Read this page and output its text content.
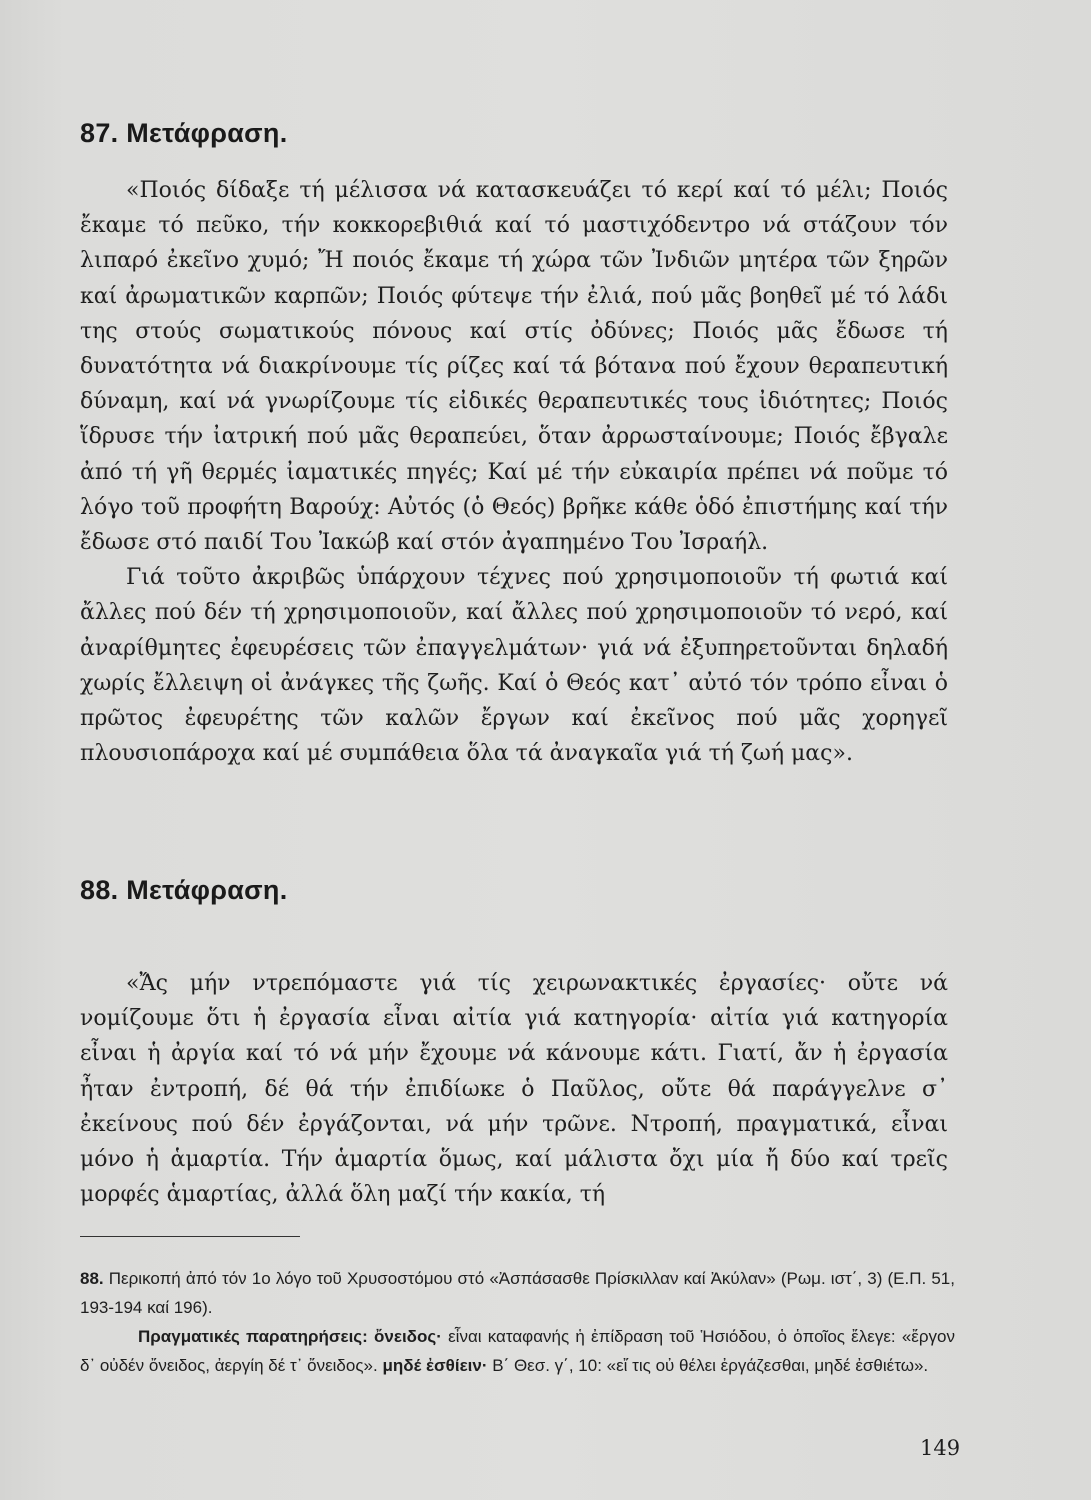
87. Μετάφραση.

«Ποιός δίδαξε τή μέλισσα νά κατασκευάζει τό κερί καί τό μέλι; Ποιός ἔκαμε τό πεῦκο, τήν κοκκορεβιθιά καί τό μαστιχόδεντρο νά στάζουν τόν λιπαρό ἐκεῖνο χυμό; Ἤ ποιός ἔκαμε τή χώρα τῶν Ἰνδιῶν μητέρα τῶν ξηρῶν καί ἀρωματικῶν καρπῶν; Ποιός φύτεψε τήν ἐλιά, πού μᾶς βοηθεῖ μέ τό λάδι της στούς σωματικούς πόνους καί στίς ὀδύνες; Ποιός μᾶς ἔδωσε τή δυνατότητα νά διακρίνουμε τίς ρίζες καί τά βότανα πού ἔχουν θεραπευτική δύναμη, καί νά γνωρίζουμε τίς εἰδικές θεραπευτικές τους ἰδιότητες; Ποιός ἵδρυσε τήν ἰατρική πού μᾶς θεραπεύει, ὅταν ἀρρωσταίνουμε; Ποιός ἔβγαλε ἀπό τή γῆ θερμές ἰαματικές πηγές; Καί μέ τήν εὐκαιρία πρέπει νά ποῦμε τό λόγο τοῦ προφήτη Βαρούχ: Αὐτός (ὁ Θεός) βρῆκε κάθε ὁδό ἐπιστήμης καί τήν ἔδωσε στό παιδί Του Ἰακώβ καί στόν ἀγαπημένο Του Ἰσραήλ.

Γιά τοῦτο ἀκριβῶς ὑπάρχουν τέχνες πού χρησιμοποιοῦν τή φωτιά καί ἄλλες πού δέν τή χρησιμοποιοῦν, καί ἄλλες πού χρησιμοποιοῦν τό νερό, καί ἀναρίθμητες ἐφευρέσεις τῶν ἐπαγγελμάτων· γιά νά ἐξυπηρετοῦνται δηλαδή χωρίς ἔλλειψη οἱ ἀνάγκες τῆς ζωῆς. Καί ὁ Θεός κατ᾽ αὐτό τόν τρόπο εἶναι ὁ πρῶτος ἐφευρέτης τῶν καλῶν ἔργων καί ἐκεῖνος πού μᾶς χορηγεῖ πλουσιοπάροχα καί μέ συμπάθεια ὅλα τά ἀναγκαῖα γιά τή ζωή μας».

88. Μετάφραση.

«Ἄς μήν ντρεπόμαστε γιά τίς χειρωνακτικές ἐργασίες· οὔτε νά νομίζουμε ὅτι ἡ ἐργασία εἶναι αἰτία γιά κατηγορία· αἰτία γιά κατηγορία εἶναι ἡ ἀργία καί τό νά μήν ἔχουμε νά κάνουμε κάτι. Γιατί, ἄν ἡ ἐργασία ἦταν ἐντροπή, δέ θά τήν ἐπιδίωκε ὁ Παῦλος, οὔτε θά παράγγελνε σ᾽ ἐκείνους πού δέν ἐργάζονται, νά μήν τρῶνε. Ντροπή, πραγματικά, εἶναι μόνο ἡ ἁμαρτία. Τήν ἁμαρτία ὅμως, καί μάλιστα ὄχι μία ἤ δύο καί τρεῖς μορφές ἁμαρτίας, ἀλλά ὅλη μαζί τήν κακία, τή

88. Περικοπή ἀπό τόν 1ο λόγο τοῦ Χρυσοστόμου στό «Ἀσπάσασθε Πρίσκιλλαν καί Ἀκύλαν» (Ρωμ. ιστ΄, 3) (Ε.Π. 51, 193-194 καί 196).

Πραγματικές παρατηρήσεις: ὄνειδος· εἶναι καταφανής ἡ ἐπίδραση τοῦ Ἡσιόδου, ὁ ὁποῖος ἔλεγε: «ἔργον δ᾽ οὐδέν ὄνειδος, ἀεργίη δέ τ᾽ ὄνειδος». μηδέ ἐσθίειν· Β΄ Θεσ. γ΄, 10: «εἴ τις οὐ θέλει ἐργάζεσθαι, μηδέ ἐσθιέτω».

149
